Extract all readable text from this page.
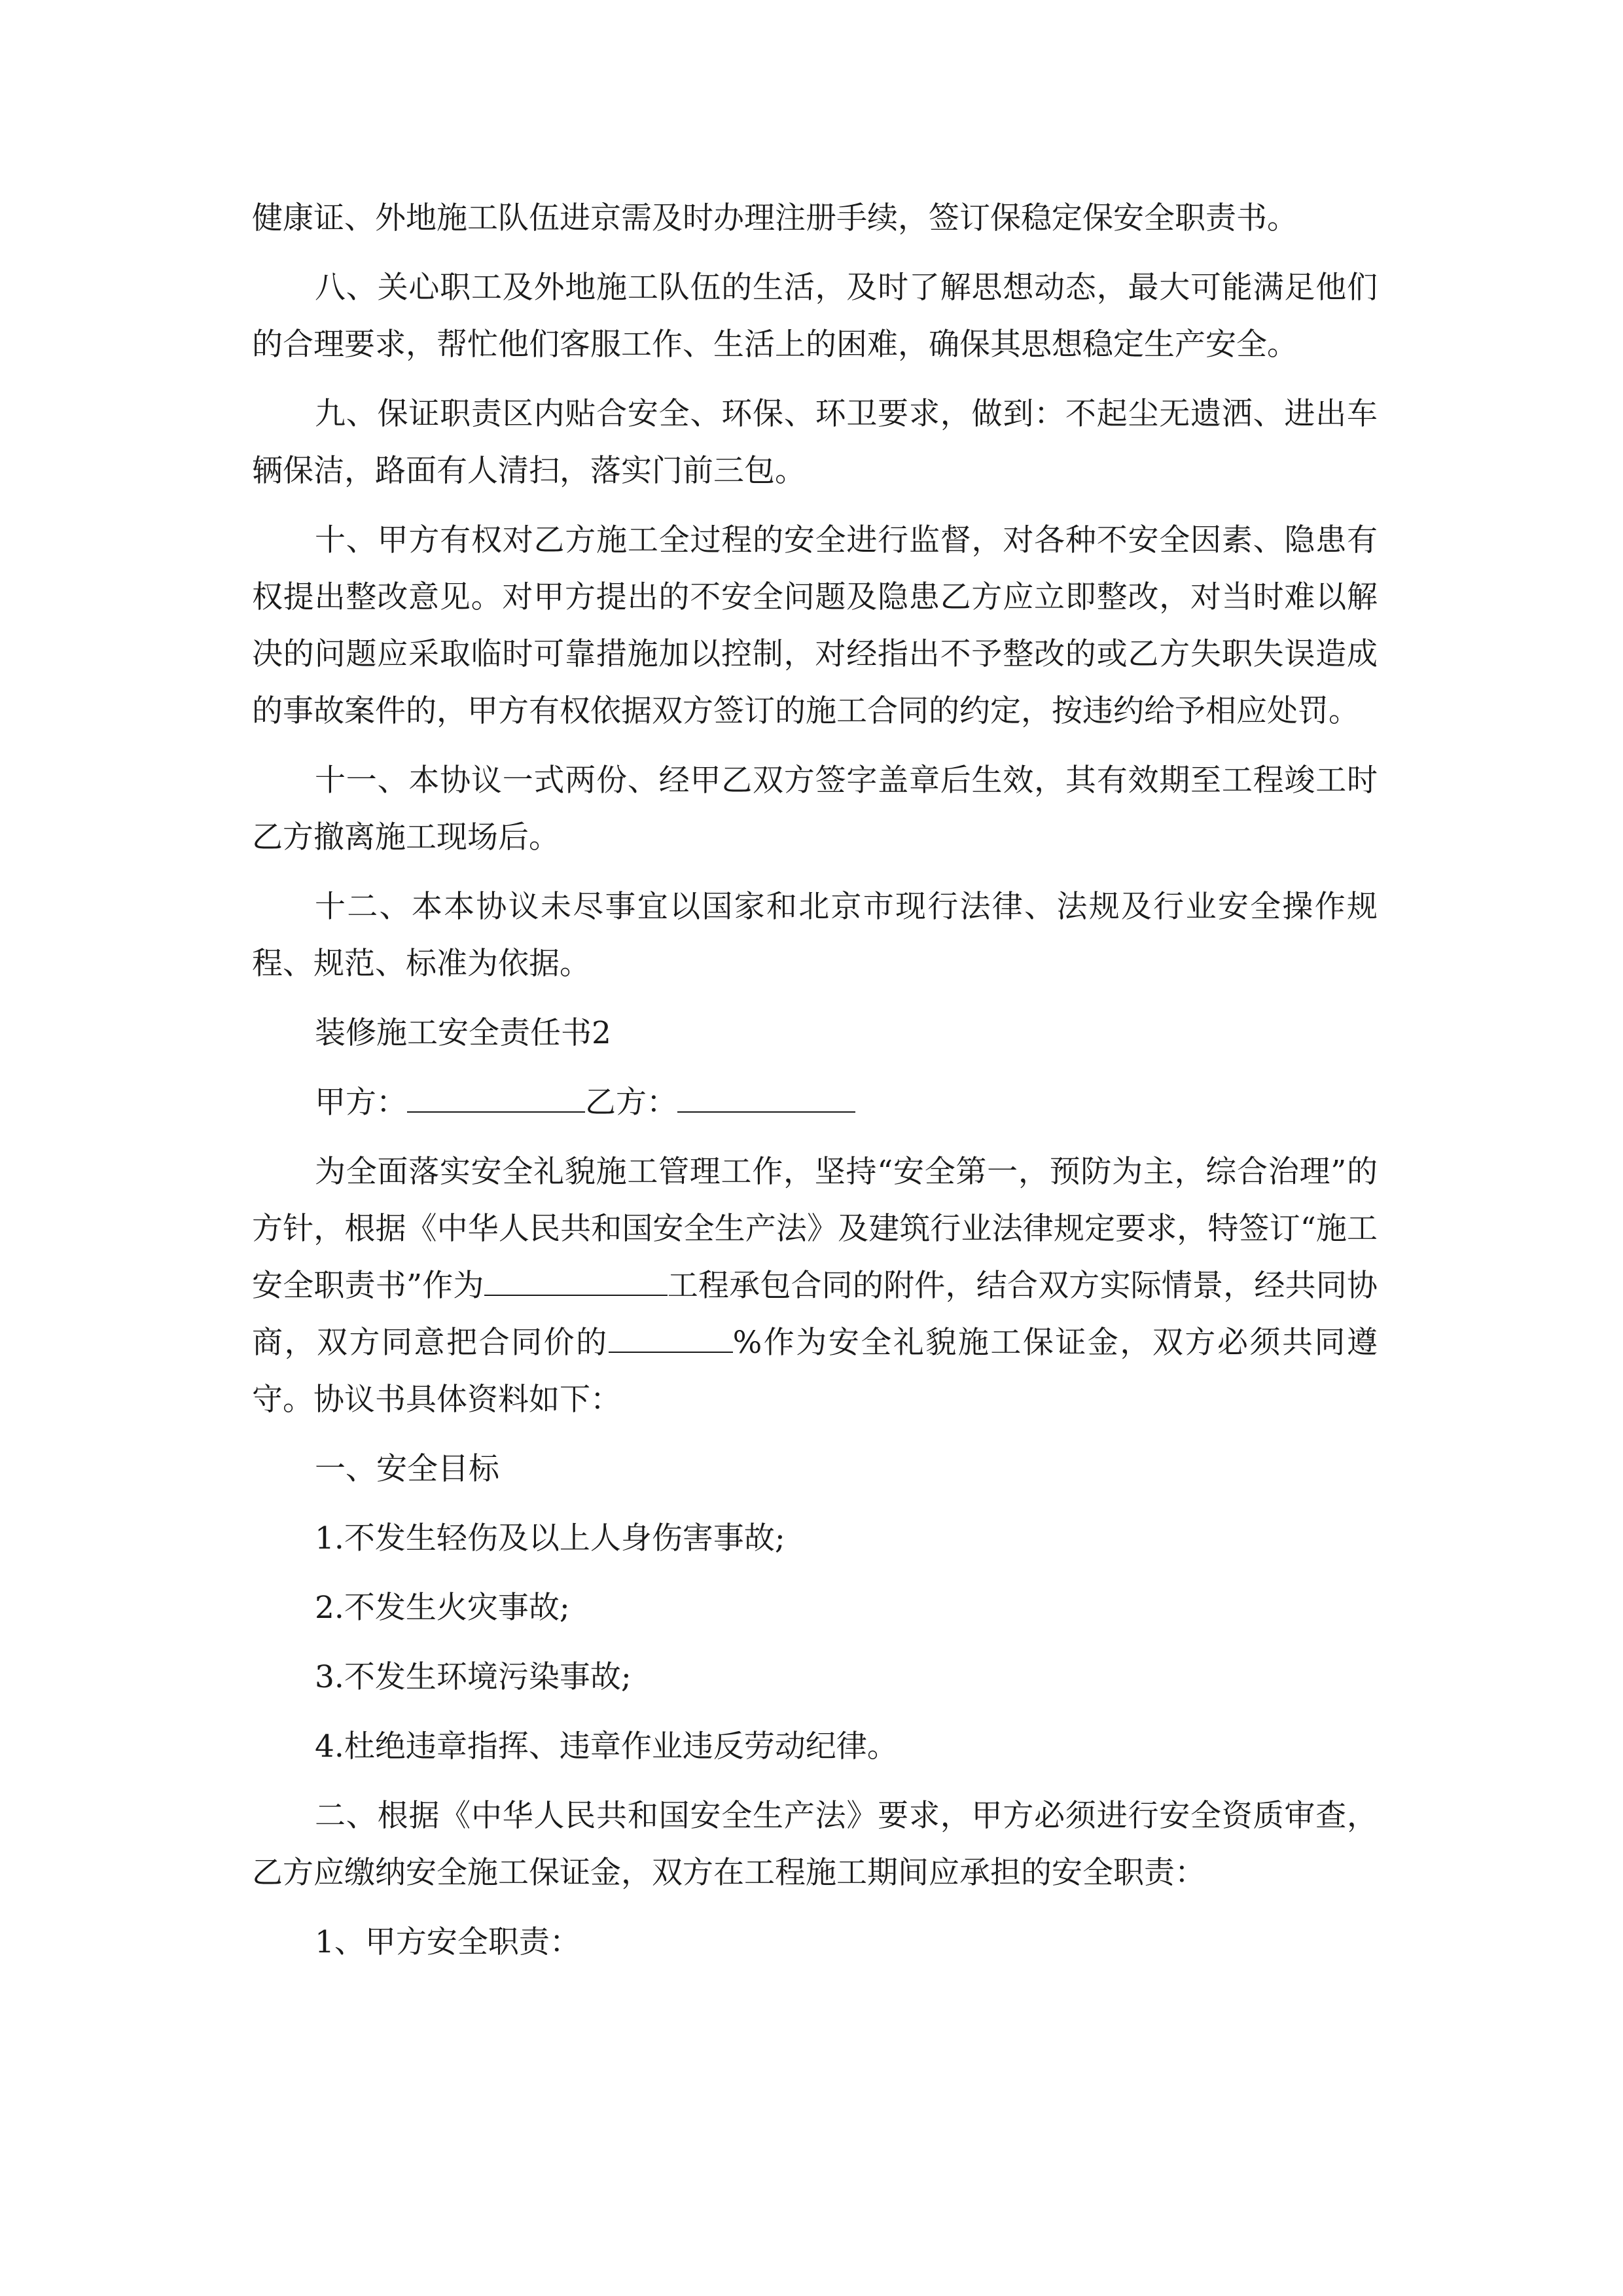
健康证、外地施工队伍进京需及时办理注册手续，签订保稳定保安全职责书。

八、关心职工及外地施工队伍的生活，及时了解思想动态，最大可能满足他们的合理要求，帮忙他们客服工作、生活上的困难，确保其思想稳定生产安全。

九、保证职责区内贴合安全、环保、环卫要求，做到：不起尘无遗洒、进出车辆保洁，路面有人清扫，落实门前三包。

十、甲方有权对乙方施工全过程的安全进行监督，对各种不安全因素、隐患有权提出整改意见。对甲方提出的不安全问题及隐患乙方应立即整改，对当时难以解决的问题应采取临时可靠措施加以控制，对经指出不予整改的或乙方失职失误造成的事故案件的，甲方有权依据双方签订的施工合同的约定，按违约给予相应处罚。

十一、本协议一式两份、经甲乙双方签字盖章后生效，其有效期至工程竣工时乙方撤离施工现场后。

十二、本本协议未尽事宜以国家和北京市现行法律、法规及行业安全操作规程、规范、标准为依据。

装修施工安全责任书2

甲方：	乙方：

为全面落实安全礼貌施工管理工作，坚持“安全第一，预防为主，综合治理”的方针，根据《中华人民共和国安全生产法》及建筑行业法律规定要求，特签订“施工安全职责书”作为	工程承包合同的附件，结合双方实际情景，经共同协商，双方同意把合同价的	%作为安全礼貌施工保证金，双方必须共同遵守。协议书具体资料如下：

一、安全目标

1.不发生轻伤及以上人身伤害事故;

2.不发生火灾事故;

3.不发生环境污染事故;

4.杜绝违章指挥、违章作业违反劳动纪律。

二、根据《中华人民共和国安全生产法》要求，甲方必须进行安全资质审查，乙方应缴纳安全施工保证金，双方在工程施工期间应承担的安全职责：

1、甲方安全职责：
